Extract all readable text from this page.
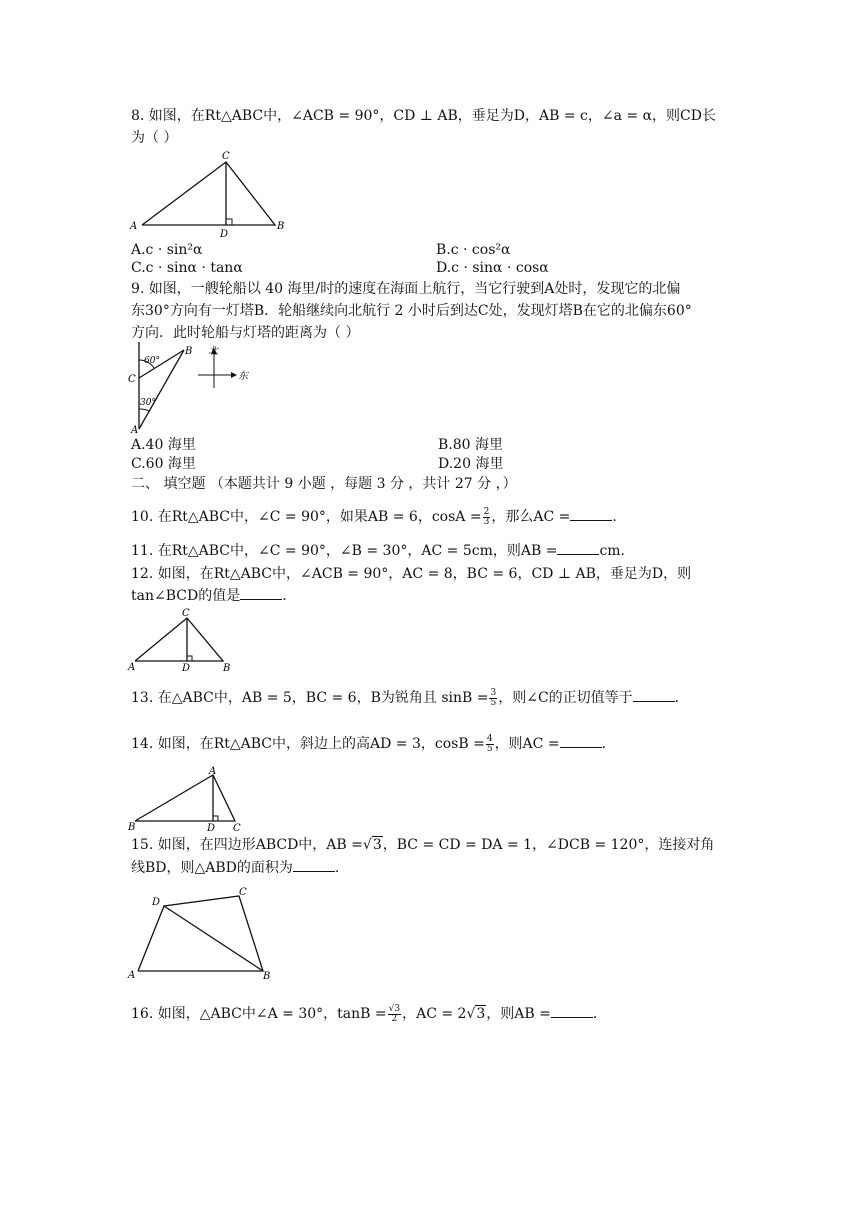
8. 如图，在Rt△ABC中，∠ACB = 90°，CD ⊥ AB，垂足为D，AB = c，∠a = α，则CD长
为（ ）
C
A	B
D
A.c · sin²α	B.c · cos²α
C.c · sinα · tanα	D.c · sinα · cosα
9. 如图，一艘轮船以 40 海里/时的速度在海面上航行，当它行驶到A处时，发现它的北偏
东30°方向有一灯塔B．轮船继续向北航行 2 小时后到达C处，发现灯塔B在它的北偏东60°
方向．此时轮船与灯塔的距离为（ ）
60°
30°
B
C
A
北
东
A.40 海里	B.80 海里
C.60 海里	D.20 海里
二、 填空题 （本题共计 9 小题 ，每题 3 分 ，共计 27 分 ，）
10. 在Rt△ABC中，∠C = 90°，如果AB = 6，$\cos A = \frac{2}{3}$ ，那么AC =	.
11. 在Rt△ABC中，∠C = 90°，∠B = 30°，AC = 5cm，则AB =	cm.
12. 如图，在Rt△ABC中，∠ACB = 90°，AC = 8，BC = 6，CD ⊥ AB，垂足为D，则
tan∠BCD的值是	.
C
A	D	B
13. 在△ABC中，AB = 5，BC = 6，B为锐角且 $\sin B = \frac{3}{5}$ ，则∠C的正切值等于	.
14. 如图，在Rt△ABC中，斜边上的高AD = 3，$\cos B = \frac{4}{5}$ ，则AC =	.
A
B	D C
15. 如图，在四边形ABCD中，AB =√3，BC = CD = DA = 1，∠DCB = 120°，连接对角
线BD，则△ABD的面积为	.
D
C
A	B
16. 如图，△ABC中∠A = 30°，$\tan B = \frac{√3}{2}$ ，AC = 2√3，则AB =	.
